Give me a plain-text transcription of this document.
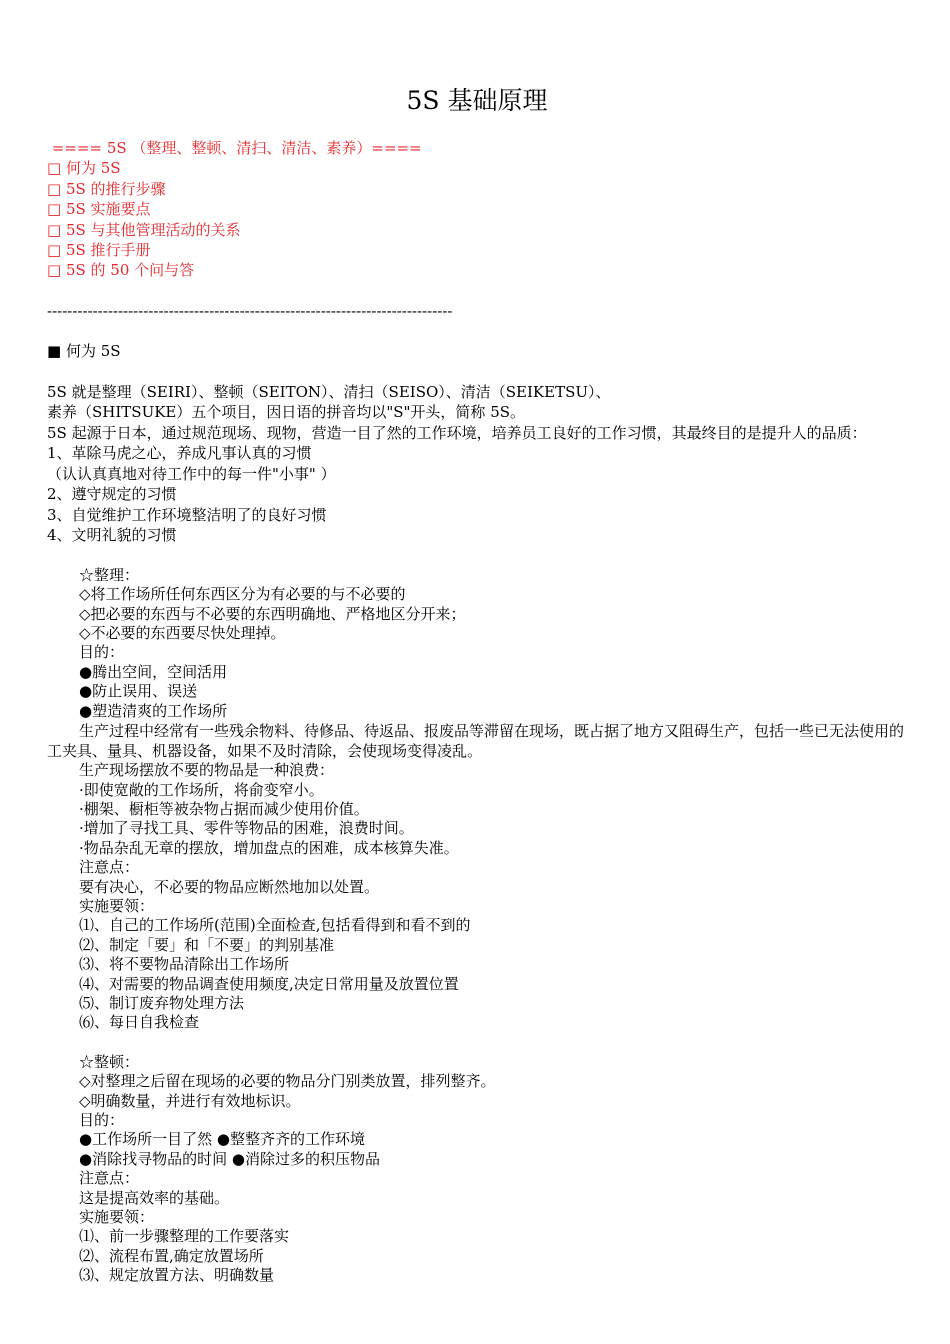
5S 基础原理

==== 5S （整理、整顿、清扫、清洁、素养）====

□ 何为 5S

□ 5S 的推行步骤

□ 5S 实施要点

□ 5S 与其他管理活动的关系

□ 5S 推行手册

□ 5S 的 50 个问与答

--------------------------------------------------------------------------------

■ 何为 5S

5S 就是整理（SEIRI）、整顿（SEITON）、清扫（SEISO）、清洁（SEIKETSU）、

素养（SHITSUKE）五个项目，因日语的拼音均以"S"开头，简称 5S。

5S 起源于日本，通过规范现场、现物，营造一目了然的工作环境，培养员工良好的工作习惯，其最终目的是提升人的品质：

1、革除马虎之心，养成凡事认真的习惯

（认认真真地对待工作中的每一件"小事" ）

2、遵守规定的习惯

3、自觉维护工作环境整洁明了的良好习惯

4、文明礼貌的习惯

☆整理：

◇将工作场所任何东西区分为有必要的与不必要的

◇把必要的东西与不必要的东西明确地、严格地区分开来；

◇不必要的东西要尽快处理掉。

目的：

●腾出空间，空间活用

●防止误用、误送

●塑造清爽的工作场所

生产过程中经常有一些残余物料、待修品、待返品、报废品等滞留在现场，既占据了地方又阻碍生产，包括一些已无法使用的工夹具、量具、机器设备，如果不及时清除，会使现场变得凌乱。

生产现场摆放不要的物品是一种浪费：

·即使宽敞的工作场所，将俞变窄小。

·棚架、橱柜等被杂物占据而减少使用价值。

·增加了寻找工具、零件等物品的困难，浪费时间。

·物品杂乱无章的摆放，增加盘点的困难，成本核算失准。

注意点：

要有决心，不必要的物品应断然地加以处置。

实施要领：

⑴、自己的工作场所(范围)全面检查,包括看得到和看不到的

⑵、制定「要」和「不要」的判别基准

⑶、将不要物品清除出工作场所

⑷、对需要的物品调查使用频度,决定日常用量及放置位置

⑸、制订废弃物处理方法

⑹、每日自我检查

☆整顿：

◇对整理之后留在现场的必要的物品分门别类放置，排列整齐。

◇明确数量，并进行有效地标识。

目的：

●工作场所一目了然 ●整整齐齐的工作环境

●消除找寻物品的时间 ●消除过多的积压物品

注意点：

这是提高效率的基础。

实施要领：

⑴、前一步骤整理的工作要落实

⑵、流程布置,确定放置场所

⑶、规定放置方法、明确数量
